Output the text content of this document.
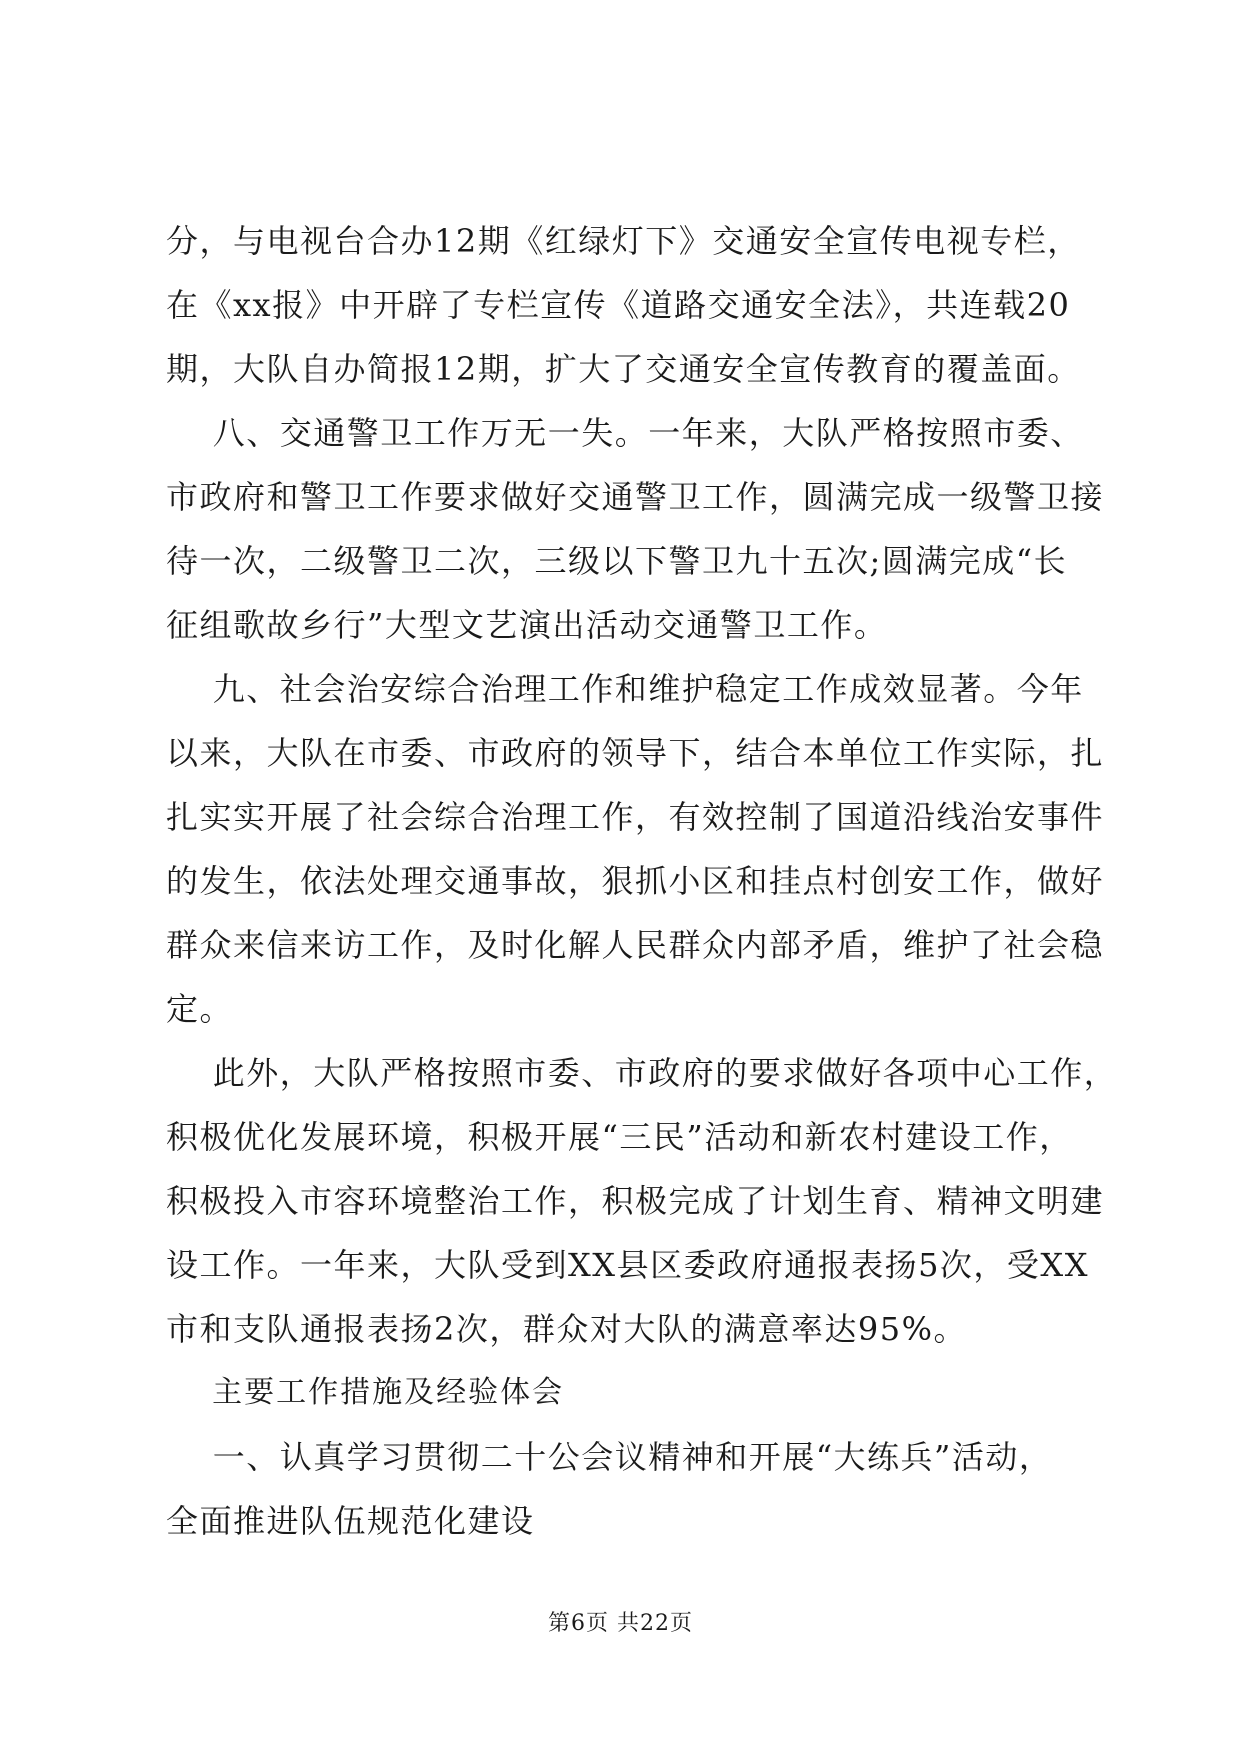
分，与电视台合办12期《红绿灯下》交通安全宣传电视专栏，
在《xx报》中开辟了专栏宣传《道路交通安全法》，共连载20
期，大队自办简报12期，扩大了交通安全宣传教育的覆盖面。
八、交通警卫工作万无一失。一年来，大队严格按照市委、
市政府和警卫工作要求做好交通警卫工作，圆满完成一级警卫接
待一次，二级警卫二次，三级以下警卫九十五次;圆满完成“长
征组歌故乡行”大型文艺演出活动交通警卫工作。
九、社会治安综合治理工作和维护稳定工作成效显著。今年
以来，大队在市委、市政府的领导下，结合本单位工作实际，扎
扎实实开展了社会综合治理工作，有效控制了国道沿线治安事件
的发生，依法处理交通事故，狠抓小区和挂点村创安工作，做好
群众来信来访工作，及时化解人民群众内部矛盾，维护了社会稳
定。
此外，大队严格按照市委、市政府的要求做好各项中心工作，
积极优化发展环境，积极开展“三民”活动和新农村建设工作，
积极投入市容环境整治工作，积极完成了计划生育、精神文明建
设工作。一年来，大队受到XX县区委政府通报表扬5次，受XX
市和支队通报表扬2次，群众对大队的满意率达95%。
主要工作措施及经验体会
一、认真学习贯彻二十公会议精神和开展“大练兵”活动，
全面推进队伍规范化建设
第6页 共22页
